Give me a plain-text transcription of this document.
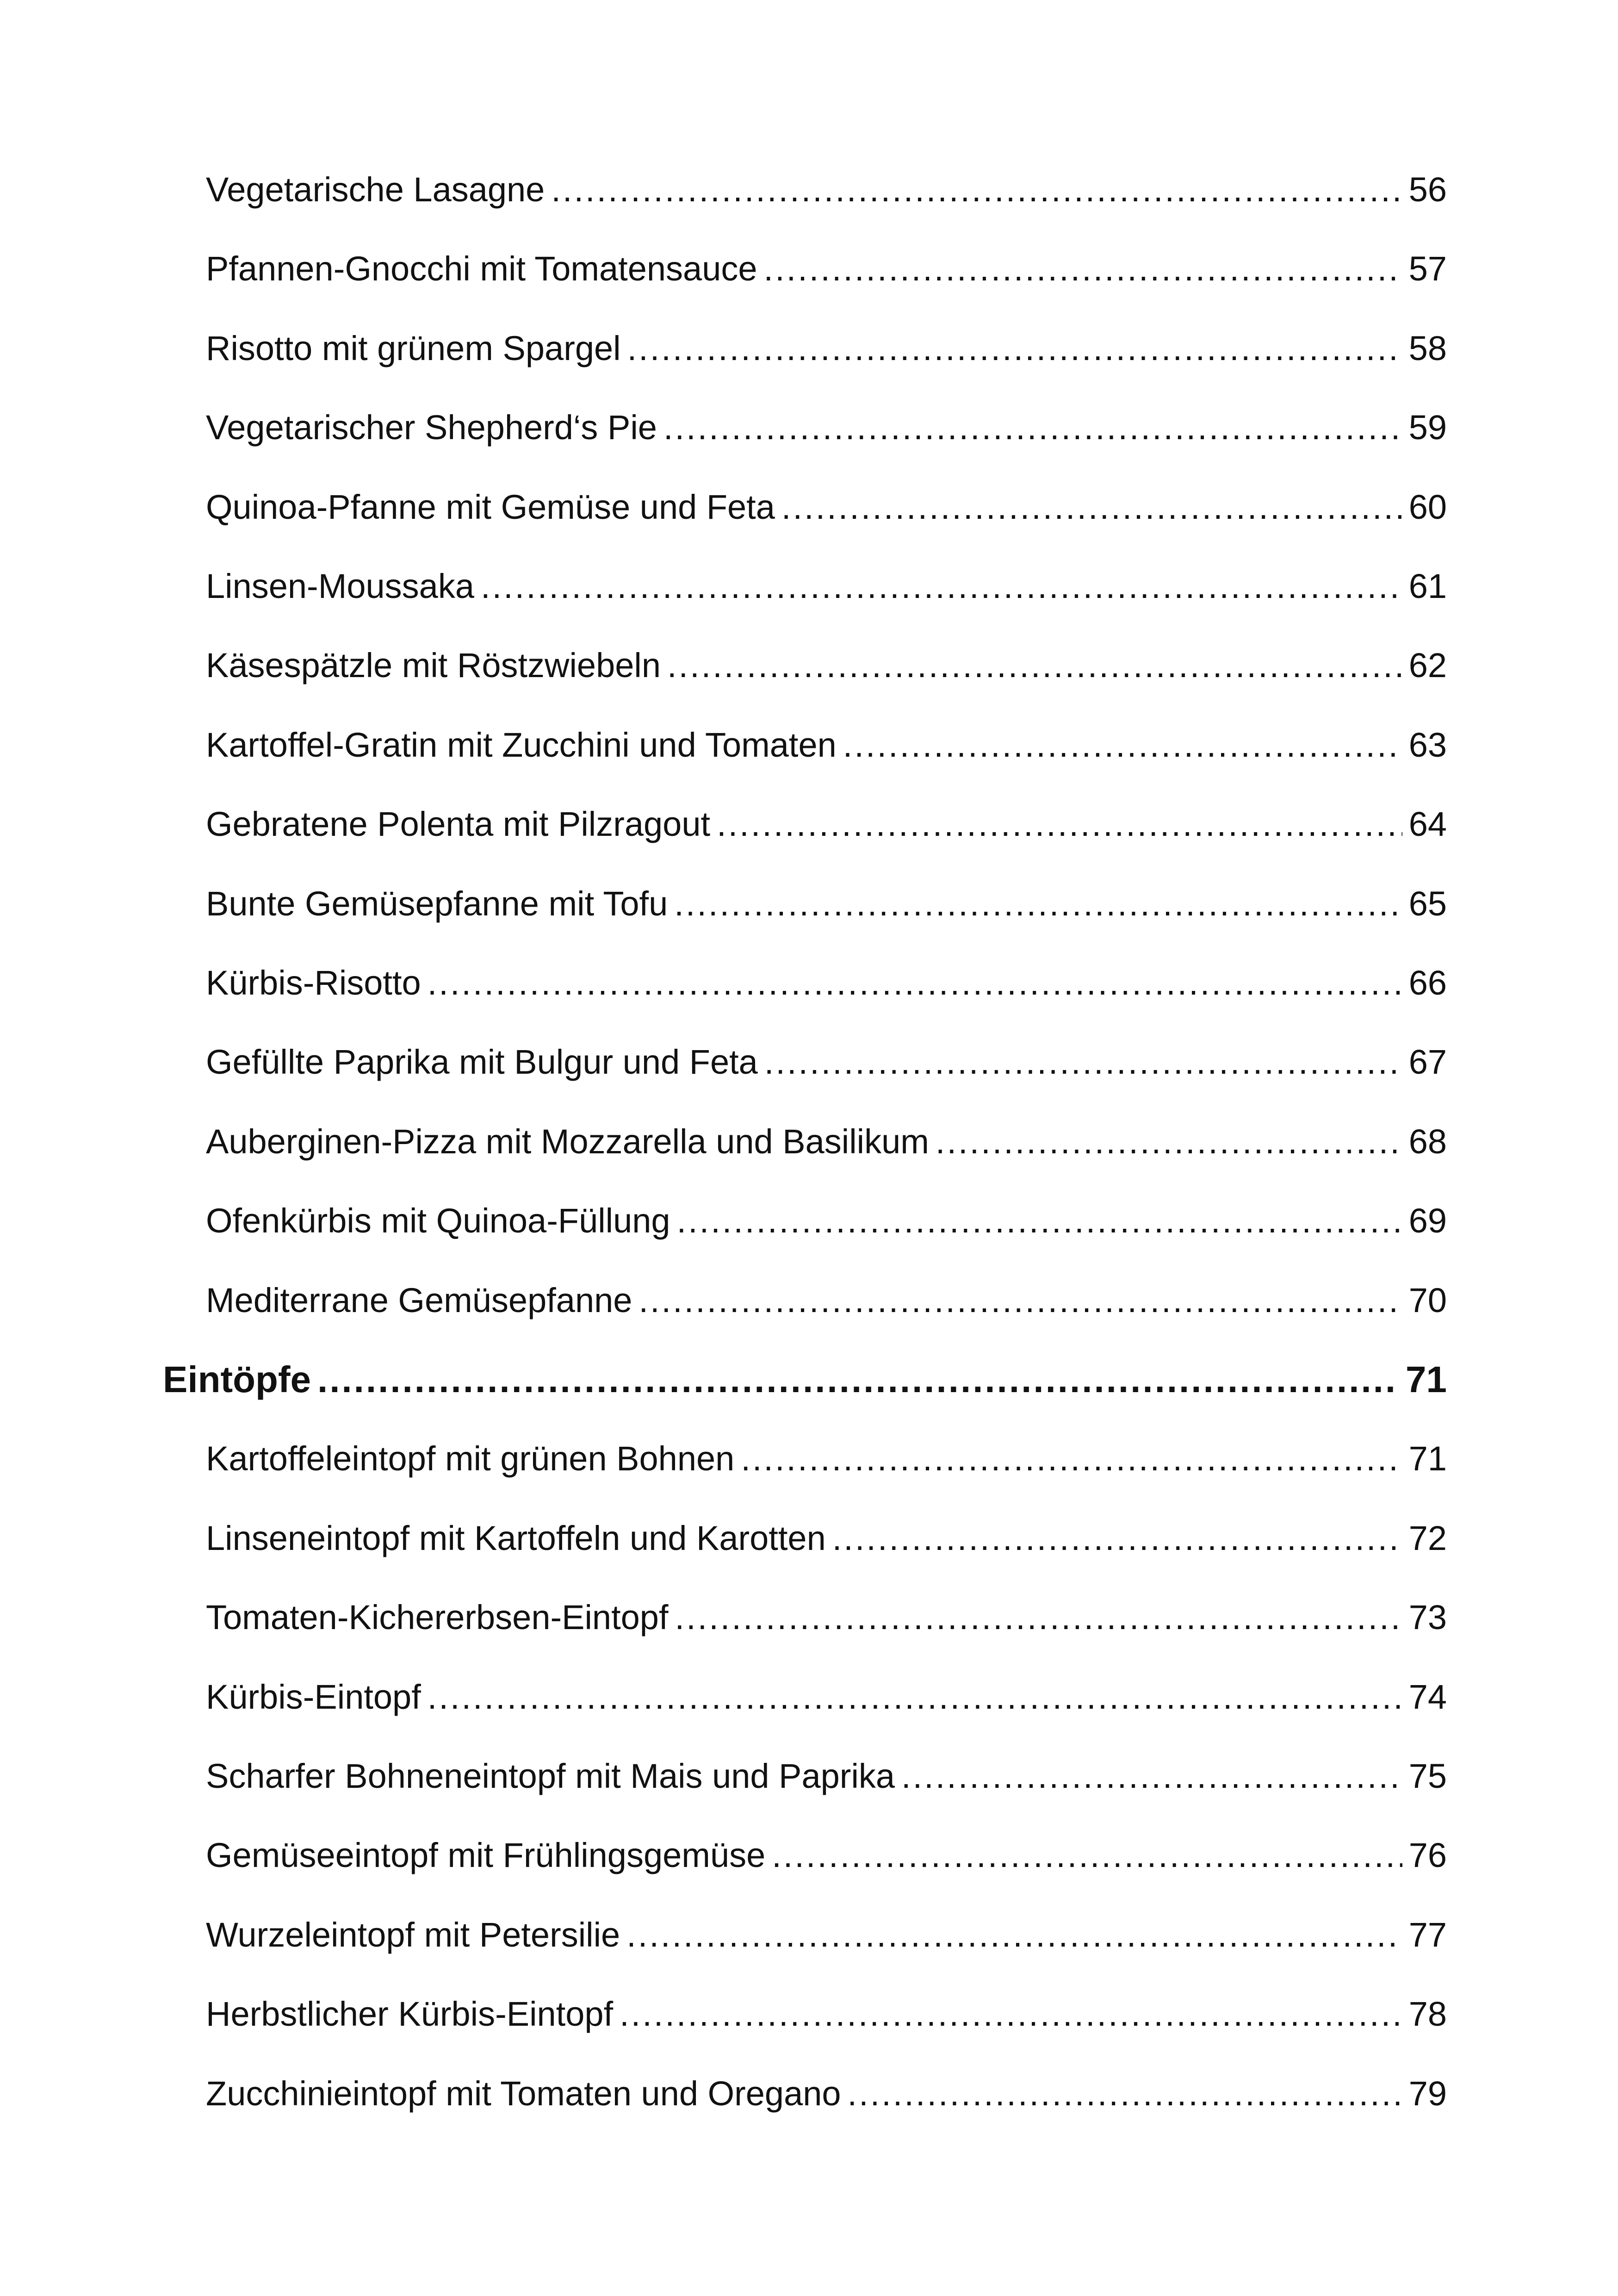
Vegetarische Lasagne .....	56
Pfannen-Gnocchi mit Tomatensauce .....	57
Risotto mit grünem Spargel .....	58
Vegetarischer Shepherd‘s Pie .....	59
Quinoa-Pfanne mit Gemüse und Feta .....	60
Linsen-Moussaka .....	61
Käsespätzle mit Röstzwiebeln .....	62
Kartoffel-Gratin mit Zucchini und Tomaten .....	63
Gebratene Polenta mit Pilzragout .....	64
Bunte Gemüsepfanne mit Tofu .....	65
Kürbis-Risotto .....	66
Gefüllte Paprika mit Bulgur und Feta .....	67
Auberginen-Pizza mit Mozzarella und Basilikum .....	68
Ofenkürbis mit Quinoa-Füllung .....	69
Mediterrane Gemüsepfanne .....	70
Eintöpfe .....	71
Kartoffeleintopf mit grünen Bohnen .....	71
Linseneintopf mit Kartoffeln und Karotten .....	72
Tomaten-Kichererbsen-Eintopf .....	73
Kürbis-Eintopf .....	74
Scharfer Bohneneintopf mit Mais und Paprika .....	75
Gemüseeintopf mit Frühlingsgemüse .....	76
Wurzeleintopf mit Petersilie .....	77
Herbstlicher Kürbis-Eintopf .....	78
Zucchinieintopf mit Tomaten und Oregano .....	79
